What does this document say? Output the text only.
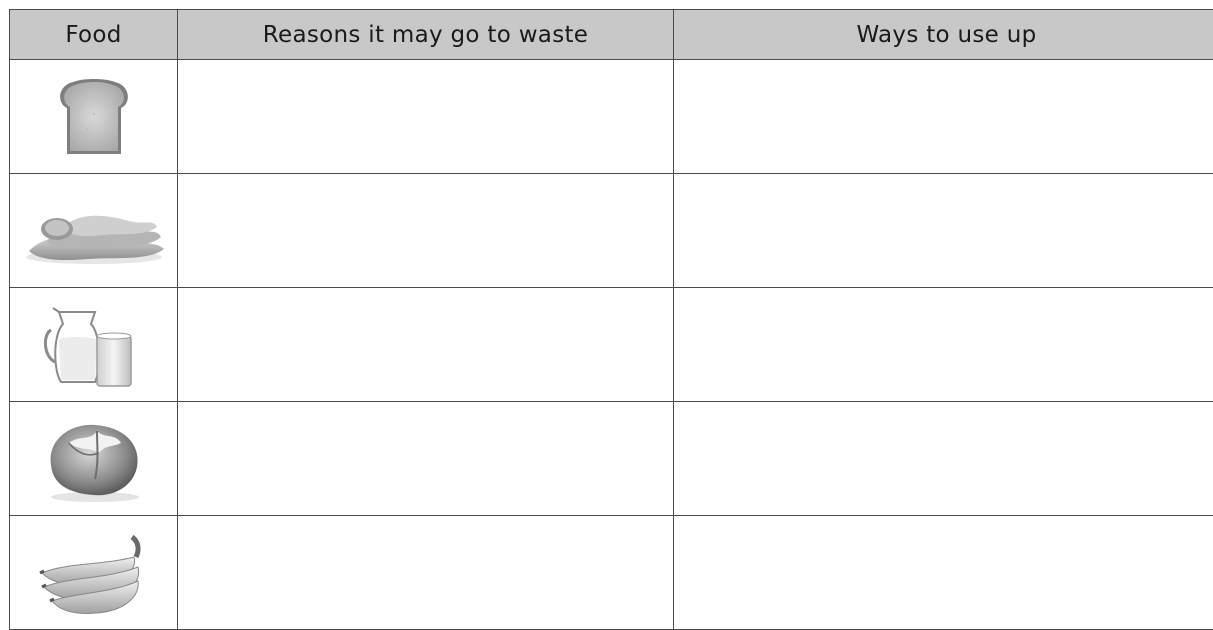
Food	Reasons it may go to waste	Ways to use up
